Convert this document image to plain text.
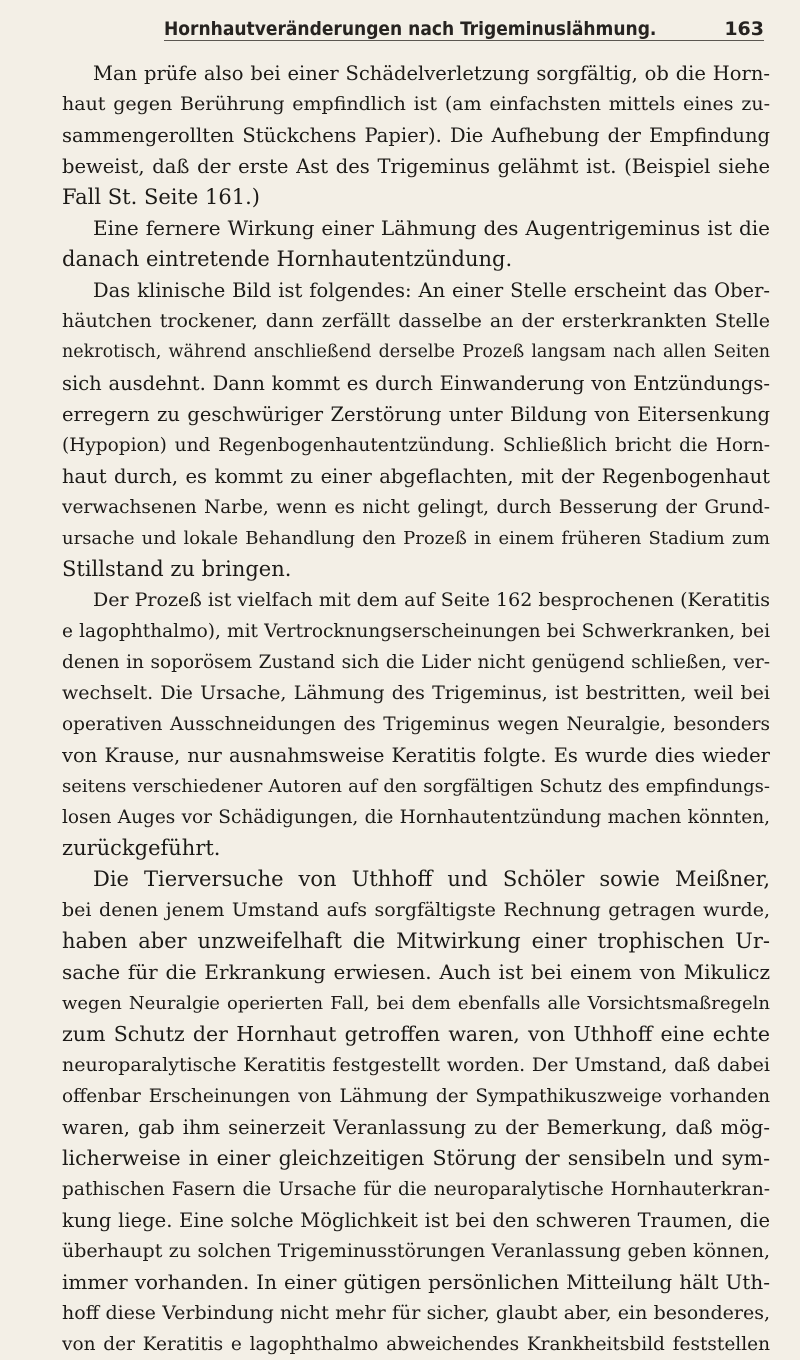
Hornhautveränderungen nach Trigeminuslähmung.	163
Man prüfe also bei einer Schädelverletzung sorgfältig, ob die Horn-
haut gegen Berührung empfindlich ist (am einfachsten mittels eines zu-
sammengerollten Stückchens Papier). Die Aufhebung der Empfindung
beweist, daß der erste Ast des Trigeminus gelähmt ist. (Beispiel siehe
Fall St. Seite 161.)
Eine fernere Wirkung einer Lähmung des Augentrigeminus ist die
danach eintretende Hornhautentzündung.
Das klinische Bild ist folgendes: An einer Stelle erscheint das Ober-
häutchen trockener, dann zerfällt dasselbe an der ersterkrankten Stelle
nekrotisch, während anschließend derselbe Prozeß langsam nach allen Seiten
sich ausdehnt. Dann kommt es durch Einwanderung von Entzündungs-
erregern zu geschwüriger Zerstörung unter Bildung von Eitersenkung
(Hypopion) und Regenbogenhautentzündung. Schließlich bricht die Horn-
haut durch, es kommt zu einer abgeflachten, mit der Regenbogenhaut
verwachsenen Narbe, wenn es nicht gelingt, durch Besserung der Grund-
ursache und lokale Behandlung den Prozeß in einem früheren Stadium zum
Stillstand zu bringen.
Der Prozeß ist vielfach mit dem auf Seite 162 besprochenen (Keratitis
e lagophthalmo), mit Vertrocknungserscheinungen bei Schwerkranken, bei
denen in soporösem Zustand sich die Lider nicht genügend schließen, ver-
wechselt. Die Ursache, Lähmung des Trigeminus, ist bestritten, weil bei
operativen Ausschneidungen des Trigeminus wegen Neuralgie, besonders
von Krause, nur ausnahmsweise Keratitis folgte. Es wurde dies wieder
seitens verschiedener Autoren auf den sorgfältigen Schutz des empfindungs-
losen Auges vor Schädigungen, die Hornhautentzündung machen könnten,
zurückgeführt.
Die Tierversuche von Uthhoff und Schöler sowie Meißner,
bei denen jenem Umstand aufs sorgfältigste Rechnung getragen wurde,
haben aber unzweifelhaft die Mitwirkung einer trophischen Ur-
sache für die Erkrankung erwiesen. Auch ist bei einem von Mikulicz
wegen Neuralgie operierten Fall, bei dem ebenfalls alle Vorsichtsmaßregeln
zum Schutz der Hornhaut getroffen waren, von Uthhoff eine echte
neuroparalytische Keratitis festgestellt worden. Der Umstand, daß dabei
offenbar Erscheinungen von Lähmung der Sympathikuszweige vorhanden
waren, gab ihm seinerzeit Veranlassung zu der Bemerkung, daß mög-
licherweise in einer gleichzeitigen Störung der sensibeln und sym-
pathischen Fasern die Ursache für die neuroparalytische Hornhauterkran-
kung liege. Eine solche Möglichkeit ist bei den schweren Traumen, die
überhaupt zu solchen Trigeminusstörungen Veranlassung geben können,
immer vorhanden. In einer gütigen persönlichen Mitteilung hält Uth-
hoff diese Verbindung nicht mehr für sicher, glaubt aber, ein besonderes,
von der Keratitis e lagophthalmo abweichendes Krankheitsbild feststellen
